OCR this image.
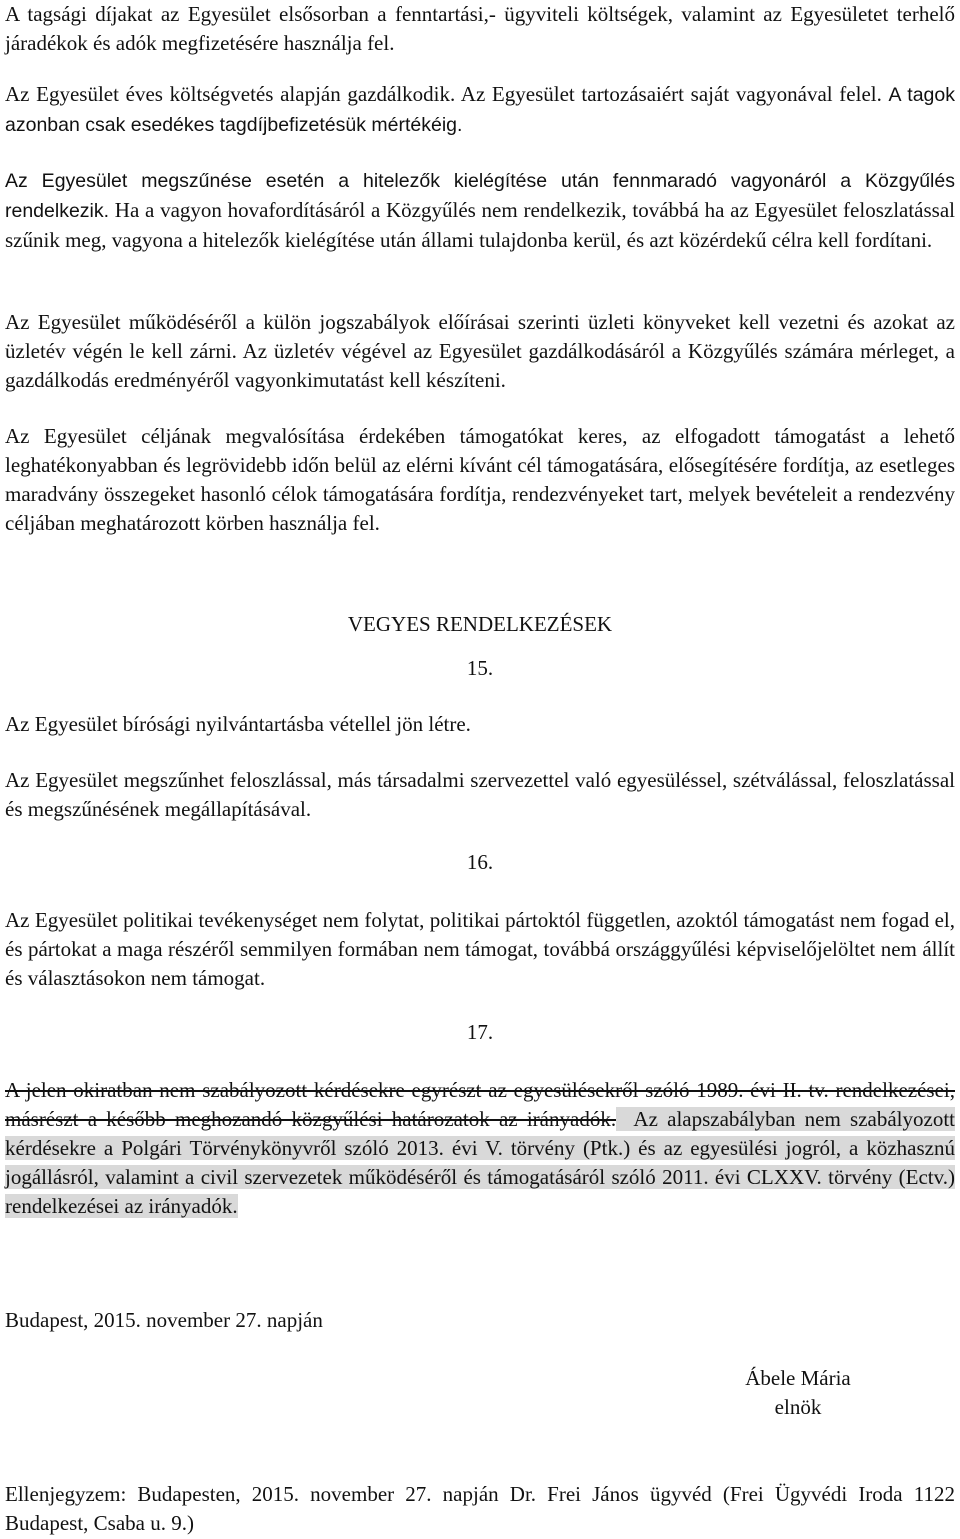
A tagsági díjakat az Egyesület elsősorban a fenntartási,- ügyviteli költségek, valamint az Egyesületet terhelő járadékok és adók megfizetésére használja fel.

Az Egyesület éves költségvetés alapján gazdálkodik. Az Egyesület tartozásaiért saját vagyonával felel. A tagok azonban csak esedékes tagdíjbefizetésük mértékéig.

Az Egyesület megszűnése esetén a hitelezők kielégítése után fennmaradó vagyonáról a Közgyűlés rendelkezik. Ha a vagyon hovafordításáról a Közgyűlés nem rendelkezik, továbbá ha az Egyesület feloszlatással szűnik meg, vagyona a hitelezők kielégítése után állami tulajdonba kerül, és azt közérdekű célra kell fordítani.

Az Egyesület működéséről a külön jogszabályok előírásai szerinti üzleti könyveket kell vezetni és azokat az üzletév végén le kell zárni. Az üzletév végével az Egyesület gazdálkodásáról a Közgyűlés számára mérleget, a gazdálkodás eredményéről vagyonkimutatást kell készíteni.

Az Egyesület céljának megvalósítása érdekében támogatókat keres, az elfogadott támogatást a lehető leghatékonyabban és legrövidebb időn belül az elérni kívánt cél támogatására, elősegítésére fordítja, az esetleges maradvány összegeket hasonló célok támogatására fordítja, rendezvényeket tart, melyek bevételeit a rendezvény céljában meghatározott körben használja fel.

VEGYES RENDELKEZÉSEK
15.

Az Egyesület bírósági nyilvántartásba vétellel jön létre.

Az Egyesület megszűnhet feloszlással, más társadalmi szervezettel való egyesüléssel, szétválással, feloszlatással és megszűnésének megállapításával.

16.

Az Egyesület politikai tevékenységet nem folytat, politikai pártoktól független, azoktól támogatást nem fogad el, és pártokat a maga részéről semmilyen formában nem támogat, továbbá országgyűlési képviselőjelöltet nem állít és választásokon nem támogat.

17.

A jelen okiratban nem szabályozott kérdésekre egyrészt az egyesülésekről szóló 1989. évi II. tv. rendelkezései, másrészt a később meghozandó közgyűlési határozatok az irányadók. Az alapszabályban nem szabályozott kérdésekre a Polgári Törvénykönyvről szóló 2013. évi V. törvény (Ptk.) és az egyesülési jogról, a közhasznú jogállásról, valamint a civil szervezetek működéséről és támogatásáról szóló 2011. évi CLXXV. törvény (Ectv.) rendelkezései az irányadók.

Budapest, 2015. november 27. napján

Ábele Mária
elnök

Ellenjegyzem: Budapesten, 2015. november 27. napján Dr. Frei János ügyvéd (Frei Ügyvédi Iroda 1122 Budapest, Csaba u. 9.)
